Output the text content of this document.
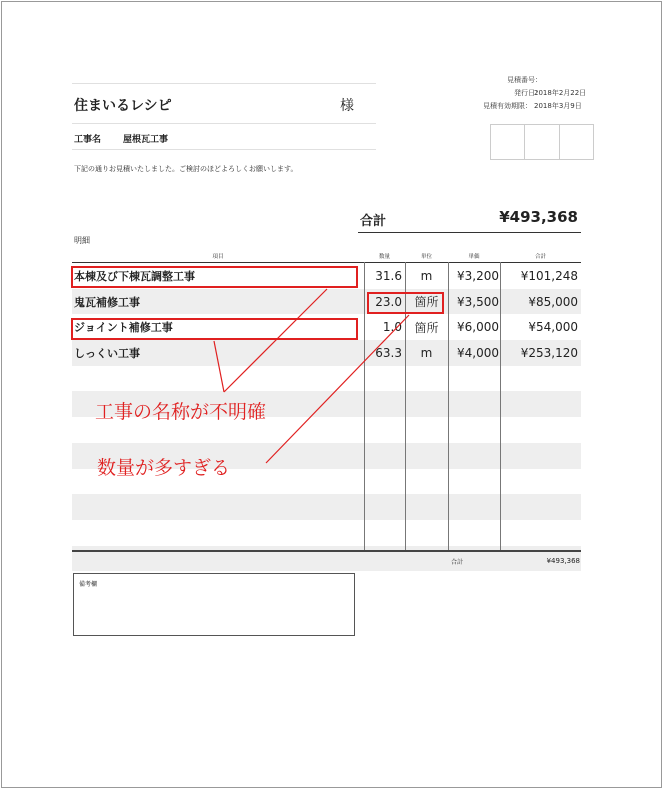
住まいるレシピ	様
工事名 屋根瓦工事
下記の通りお見積いたしました。ご検討のほどよろしくお願いします。
見積番号：
発行日：
2018年2月22日
見積有効期限： 2018年3月9日
合計	¥493,368
明細
項目	数量	単位	単価	合計
本棟及び下棟瓦調整工事	31.6	m	¥3,200	¥101,248
鬼瓦補修工事	23.0	箇所	¥3,500	¥85,000
ジョイント補修工事	1.0	箇所	¥6,000	¥54,000
しっくい工事	63.3	m	¥4,000	¥253,120
合計	¥493,368
備考欄
工事の名称が不明確
数量が多すぎる
